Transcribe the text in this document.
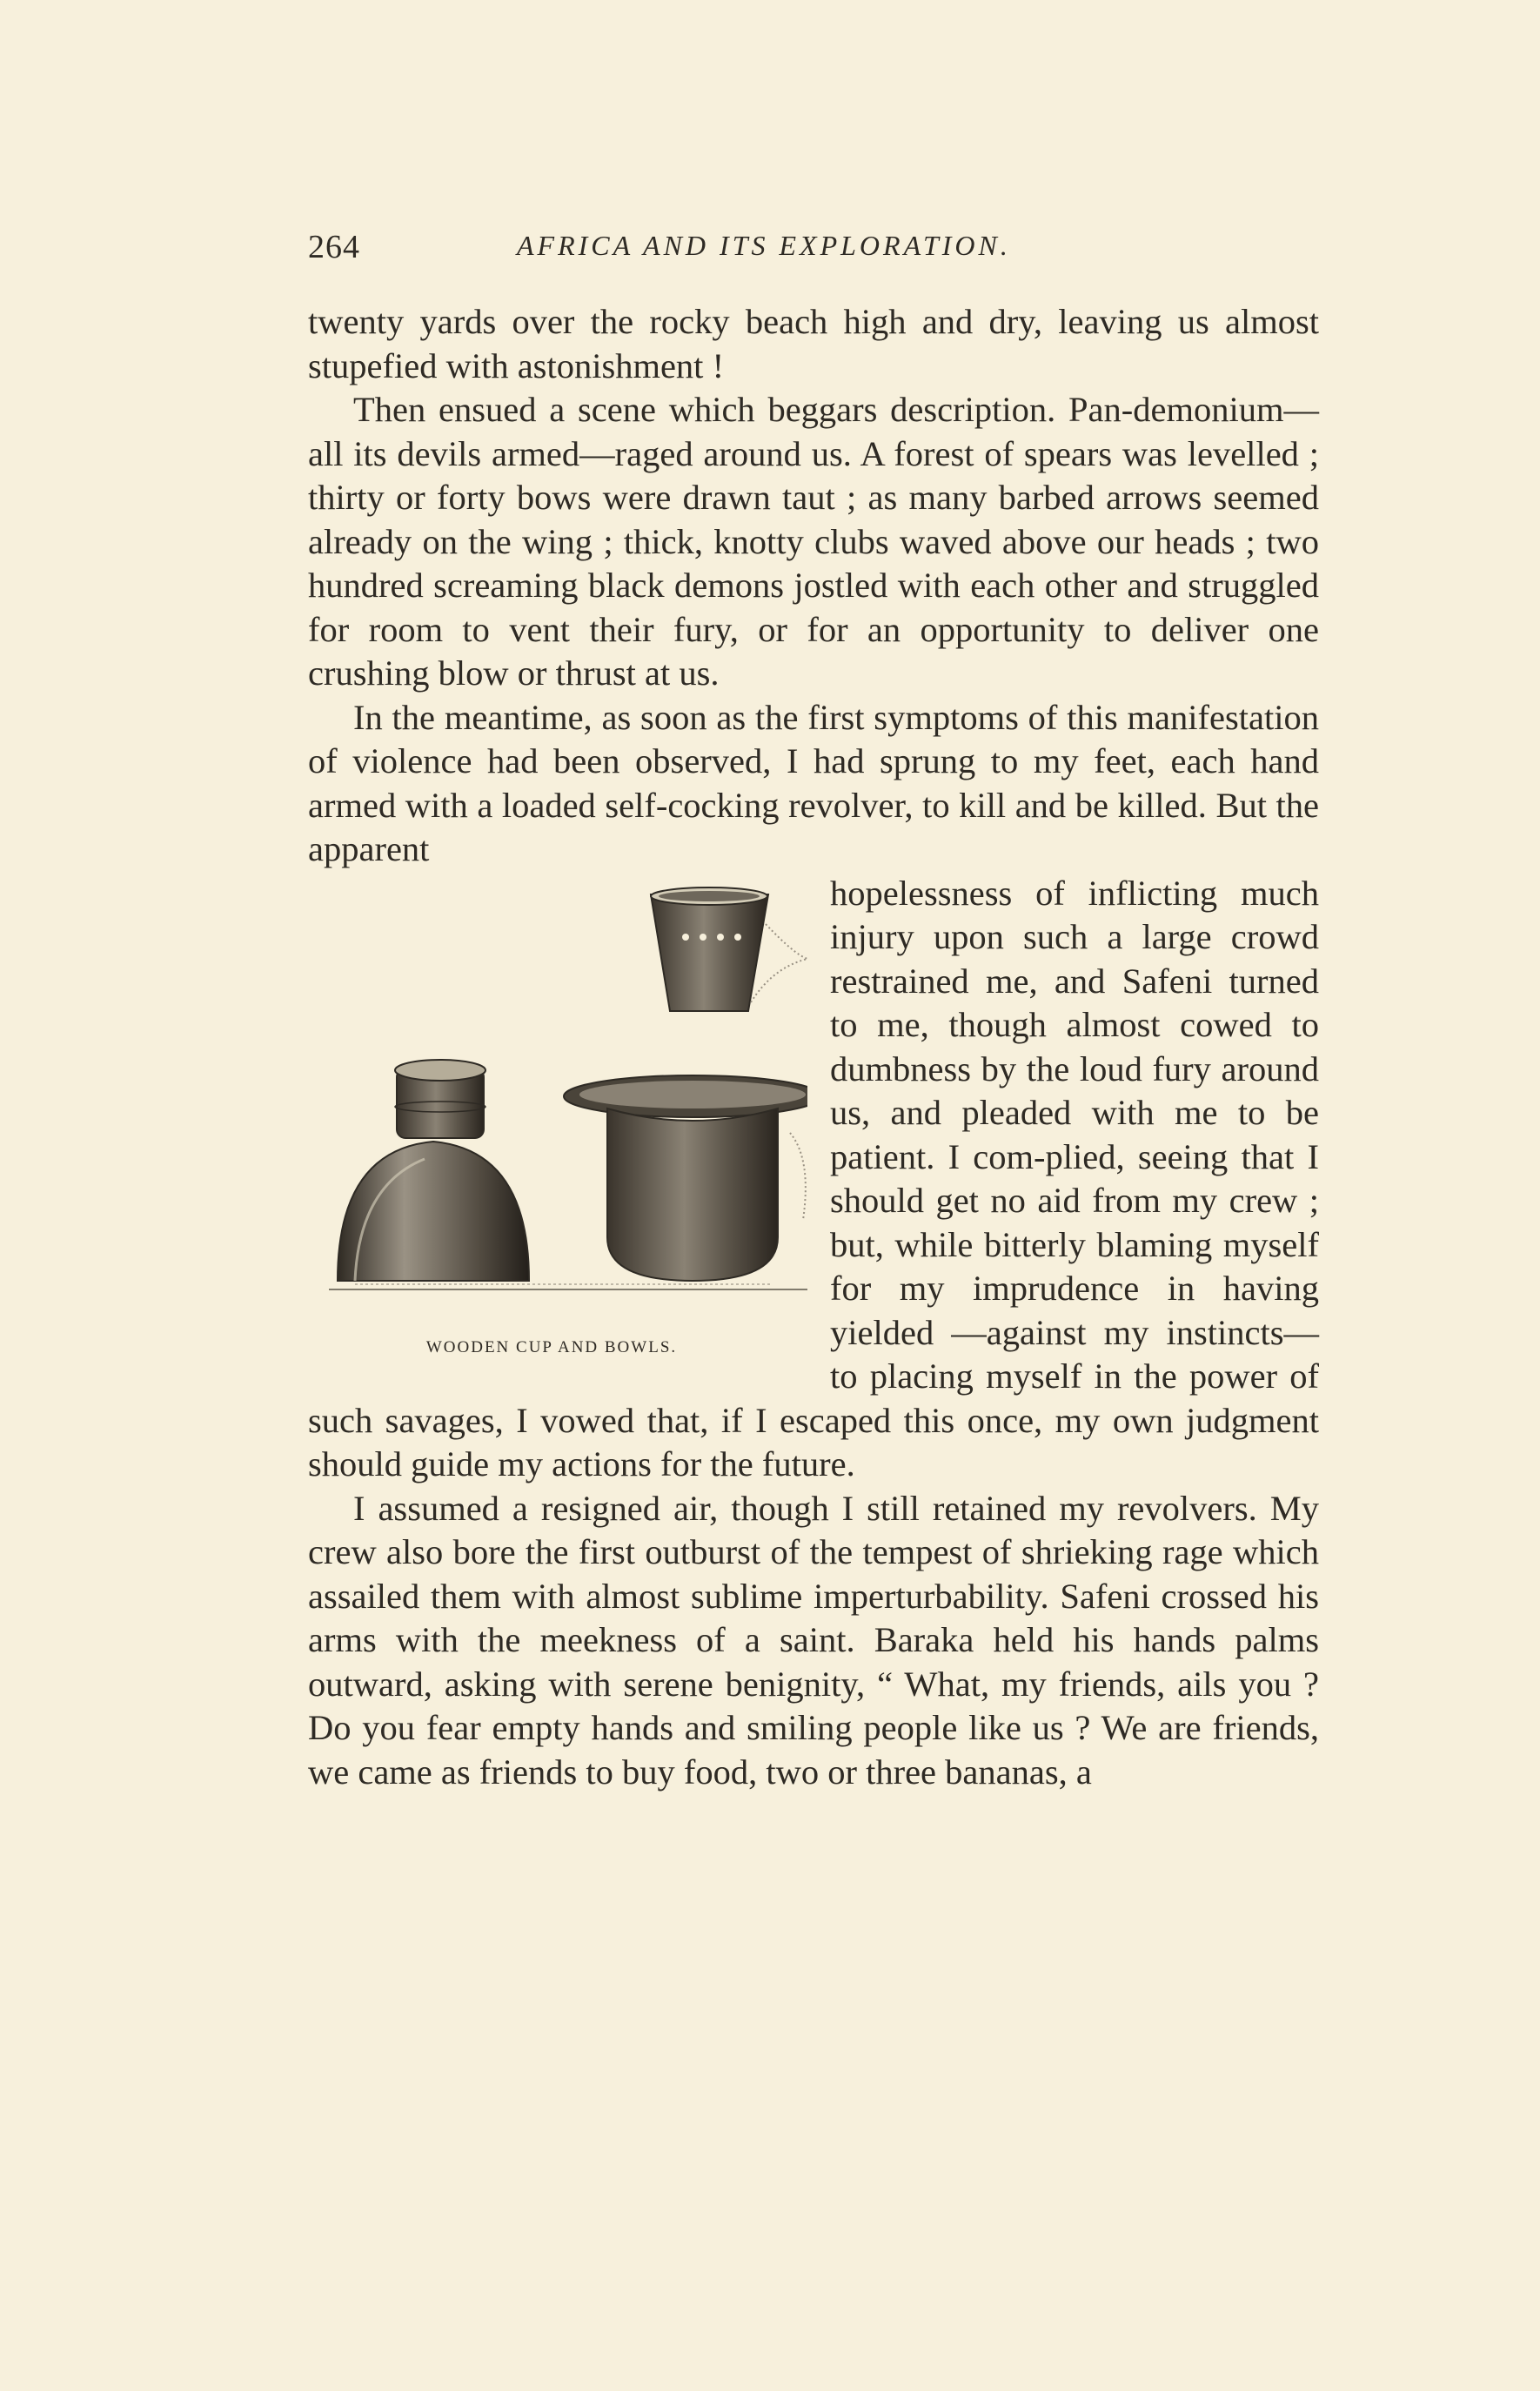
264	AFRICA AND ITS EXPLORATION.

twenty yards over the rocky beach high and dry, leaving us almost stupefied with astonishment !

Then ensued a scene which beggars description. Pan-demonium—all its devils armed—raged around us. A forest of spears was levelled ; thirty or forty bows were drawn taut ; as many barbed arrows seemed already on the wing ; thick, knotty clubs waved above our heads ; two hundred screaming black demons jostled with each other and struggled for room to vent their fury, or for an opportunity to deliver one crushing blow or thrust at us.

In the meantime, as soon as the first symptoms of this manifestation of violence had been observed, I had sprung to my feet, each hand armed with a loaded self-cocking revolver, to kill and be killed. But the apparent

WOODEN CUP AND BOWLS.

hopelessness of inflicting much injury upon such a large crowd restrained me, and Safeni turned to me, though almost cowed to dumbness by the loud fury around us, and pleaded with me to be patient. I com-plied, seeing that I should get no aid from my crew ; but, while bitterly blaming myself for my imprudence in having yielded —against my instincts—to placing myself in the power of such savages, I vowed that, if I escaped this once, my own judgment should guide my actions for the future.

I assumed a resigned air, though I still retained my revolvers. My crew also bore the first outburst of the tempest of shrieking rage which assailed them with almost sublime imperturbability. Safeni crossed his arms with the meekness of a saint. Baraka held his hands palms outward, asking with serene benignity, “ What, my friends, ails you ? Do you fear empty hands and smiling people like us ? We are friends, we came as friends to buy food, two or three bananas, a
